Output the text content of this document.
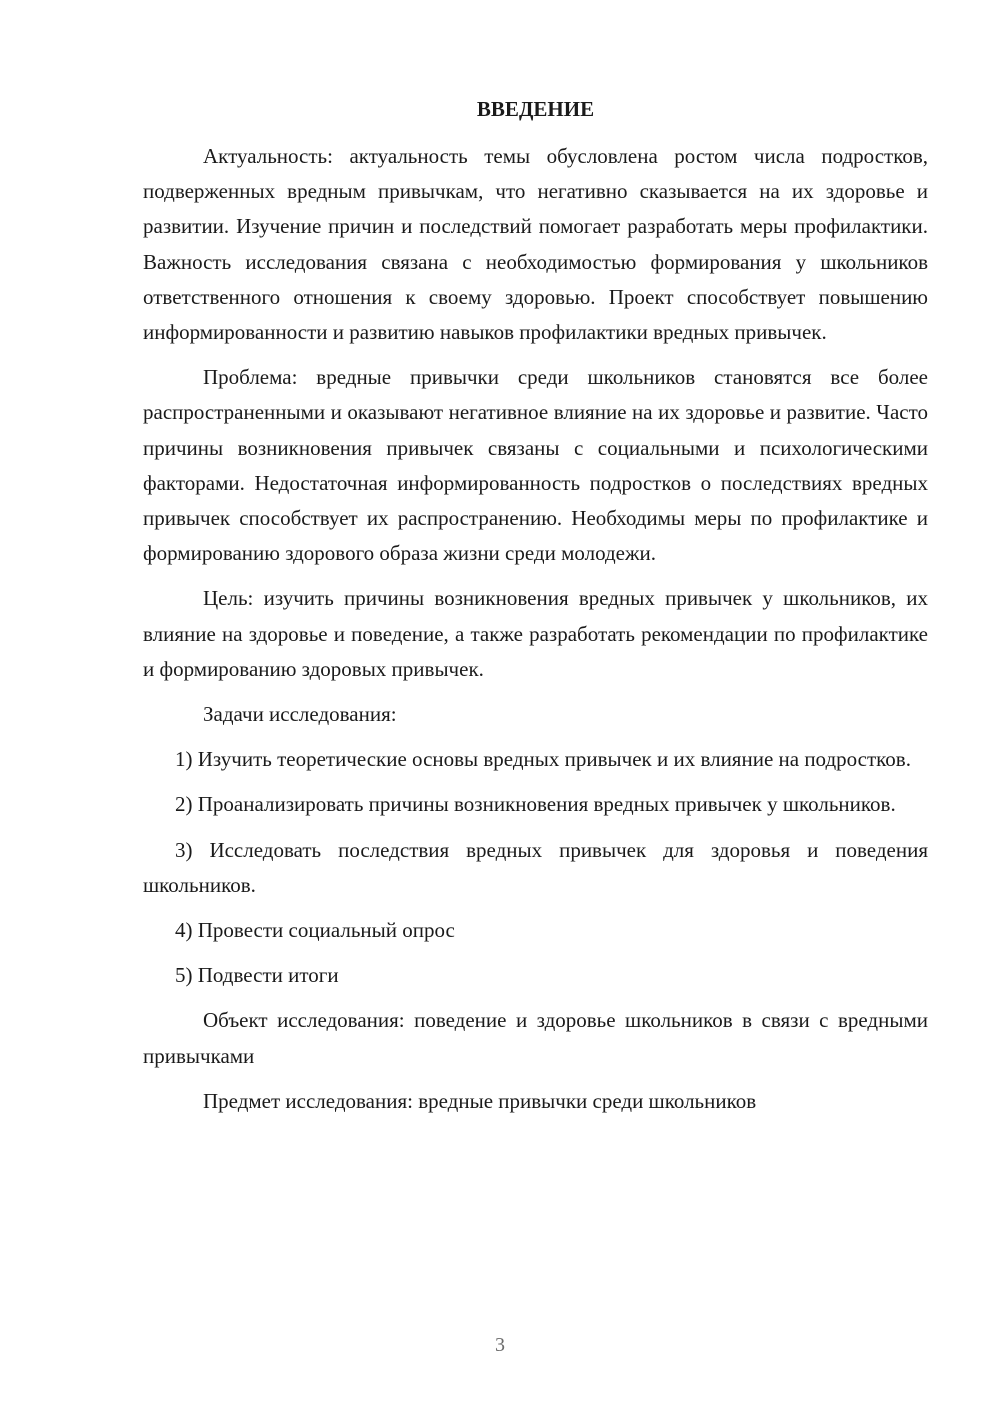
ВВЕДЕНИЕ

Актуальность: актуальность темы обусловлена ростом числа подростков, подверженных вредным привычкам, что негативно сказывается на их здоровье и развитии. Изучение причин и последствий помогает разработать меры профилактики. Важность исследования связана с необходимостью формирования у школьников ответственного отношения к своему здоровью. Проект способствует повышению информированности и развитию навыков профилактики вредных привычек.

Проблема: вредные привычки среди школьников становятся все более распространенными и оказывают негативное влияние на их здоровье и развитие. Часто причины возникновения привычек связаны с социальными и психологическими факторами. Недостаточная информированность подростков о последствиях вредных привычек способствует их распространению. Необходимы меры по профилактике и формированию здорового образа жизни среди молодежи.

Цель: изучить причины возникновения вредных привычек у школьников, их влияние на здоровье и поведение, а также разработать рекомендации по профилактике и формированию здоровых привычек.

Задачи исследования:

1) Изучить теоретические основы вредных привычек и их влияние на подростков.

2) Проанализировать причины возникновения вредных привычек у школьников.

3) Исследовать последствия вредных привычек для здоровья и поведения школьников.

4) Провести социальный опрос

5) Подвести итоги

Объект исследования: поведение и здоровье школьников в связи с вредными привычками

Предмет исследования: вредные привычки среди школьников

3
